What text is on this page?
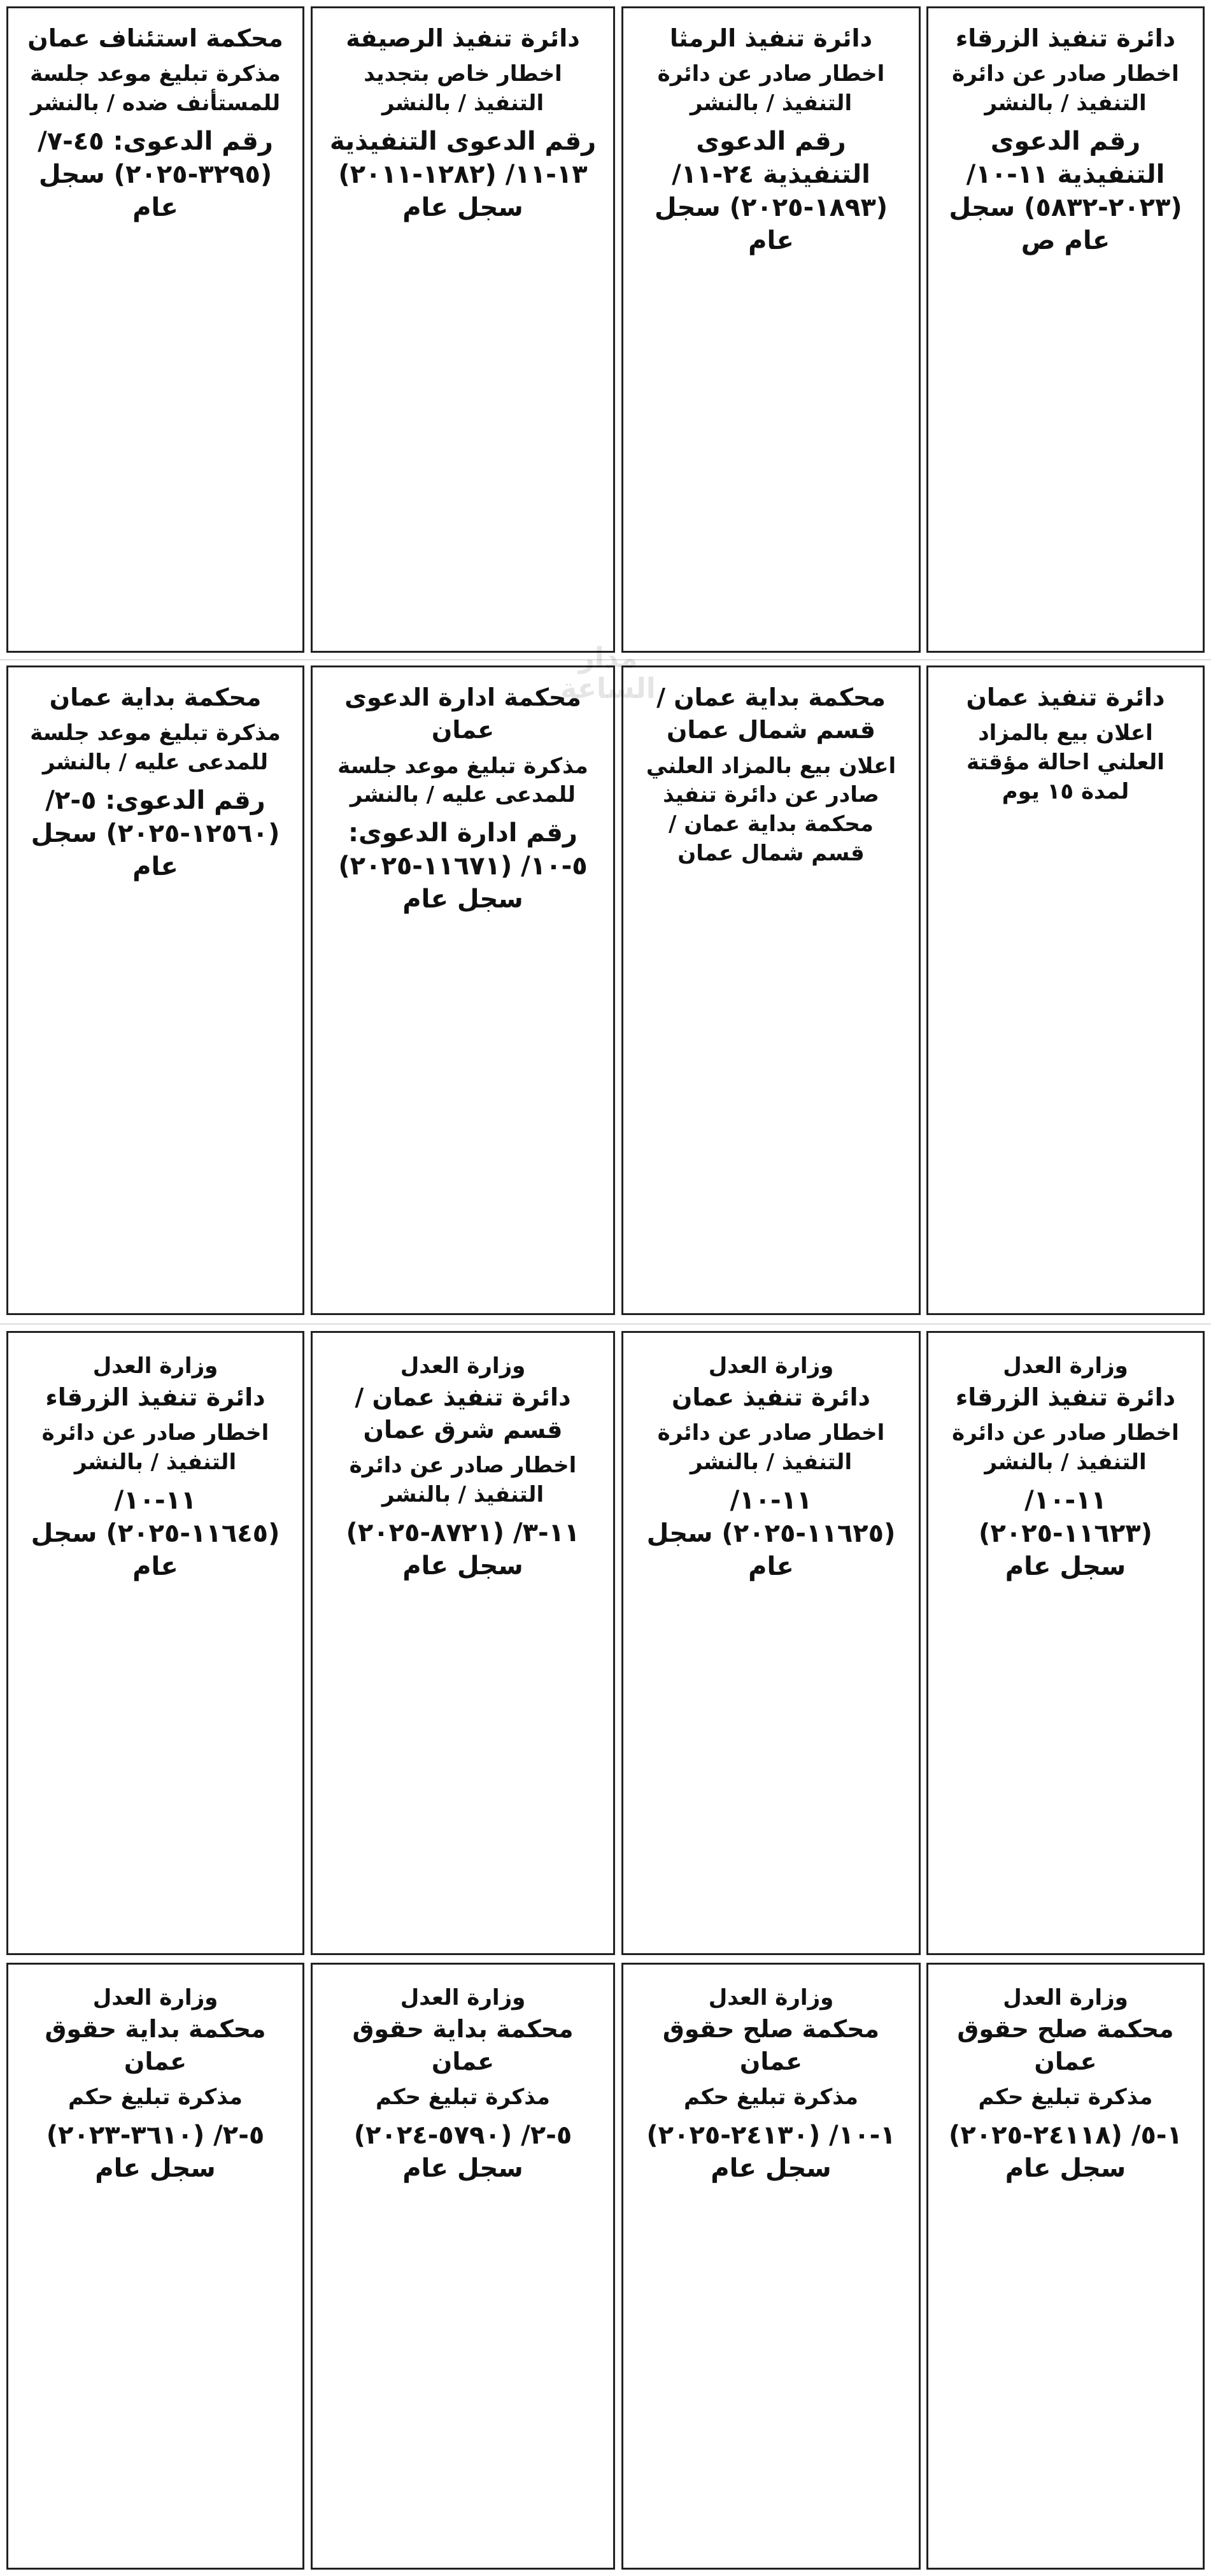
دائرة تنفيذ الزرقاء
اخطار صادر عن دائرة التنفيذ / بالنشر
رقم الدعوى التنفيذية ١١-١٠/ (٢٠٢٣-٥٨٣٢) سجل عام ص
دائرة تنفيذ الرمثا
اخطار صادر عن دائرة التنفيذ / بالنشر
رقم الدعوى التنفيذية ٢٤-١١/ (١٨٩٣-٢٠٢٥) سجل عام
دائرة تنفيذ الرصيفة
اخطار خاص بتجديد التنفيذ / بالنشر
رقم الدعوى التنفيذية ١٣-١١/ (١٢٨٢-٢٠١١) سجل عام
محكمة استئناف عمان
مذكرة تبليغ موعد جلسة للمستأنف ضده / بالنشر
رقم الدعوى: ٤٥-٧/ (٣٢٩٥-٢٠٢٥) سجل عام
دائرة تنفيذ عمان
اعلان بيع بالمزاد العلني احالة مؤقتة لمدة ١٥ يوم
محكمة بداية عمان / قسم شمال عمان
اعلان بيع بالمزاد العلني صادر عن دائرة تنفيذ محكمة بداية عمان / قسم شمال عمان
محكمة ادارة الدعوى عمان
مذكرة تبليغ موعد جلسة للمدعى عليه / بالنشر
رقم ادارة الدعوى: ٥-١٠/ (١١٦٧١-٢٠٢٥) سجل عام
محكمة بداية عمان
مذكرة تبليغ موعد جلسة للمدعى عليه / بالنشر
رقم الدعوى: ٥-٢/ (١٢٥٦٠-٢٠٢٥) سجل عام
وزارة العدل
دائرة تنفيذ الزرقاء
اخطار صادر عن دائرة التنفيذ / بالنشر
١١-١٠/ (١١٦٢٣-٢٠٢٥) سجل عام
وزارة العدل
دائرة تنفيذ عمان
اخطار صادر عن دائرة التنفيذ / بالنشر
١١-١٠/ (١١٦٢٥-٢٠٢٥) سجل عام
وزارة العدل
دائرة تنفيذ عمان / قسم شرق عمان
اخطار صادر عن دائرة التنفيذ / بالنشر
١١-٣/ (٨٧٢١-٢٠٢٥) سجل عام
وزارة العدل
دائرة تنفيذ الزرقاء
اخطار صادر عن دائرة التنفيذ / بالنشر
١١-١٠/ (١١٦٤٥-٢٠٢٥) سجل عام
وزارة العدل
محكمة صلح حقوق عمان
مذكرة تبليغ حكم
١-٥/ (٢٤١١٨-٢٠٢٥) سجل عام
وزارة العدل
محكمة صلح حقوق عمان
مذكرة تبليغ حكم
١-١٠/ (٢٤١٣٠-٢٠٢٥) سجل عام
وزارة العدل
محكمة بداية حقوق عمان
مذكرة تبليغ حكم
٥-٢/ (٥٧٩٠-٢٠٢٤) سجل عام
وزارة العدل
محكمة بداية حقوق عمان
مذكرة تبليغ حكم
٥-٢/ (٣٦١٠-٢٠٢٣) سجل عام
مدار الساعة
